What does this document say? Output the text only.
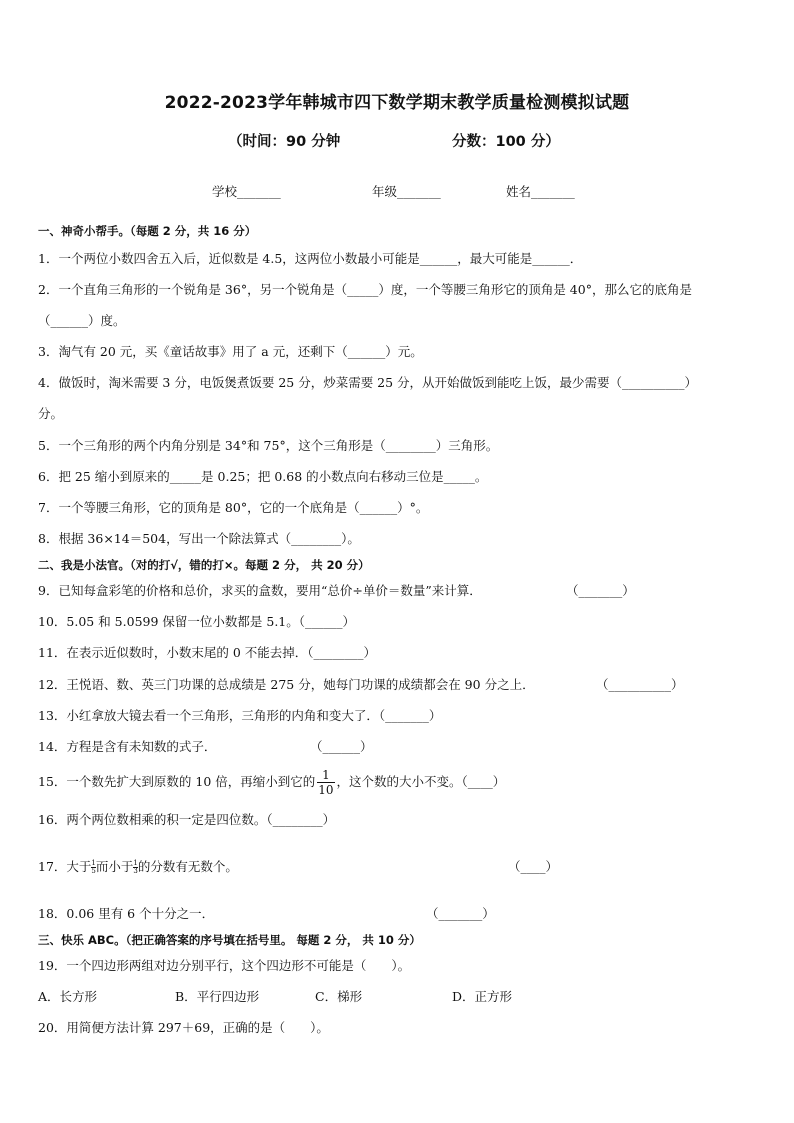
2022-2023学年韩城市四下数学期末教学质量检测模拟试题
（时间：90 分钟	分数：100 分）
学校_______	年级_______	姓名_______
一、神奇小帮手。（每题 2 分，共 16 分）
1．一个两位小数四舍五入后，近似数是 4.5，这两位小数最小可能是______，最大可能是______．
2．一个直角三角形的一个锐角是 36°，另一个锐角是（_____）度，一个等腰三角形它的顶角是 40°，那么它的底角是
（______）度。
3．淘气有 20 元，买《童话故事》用了 a 元，还剩下（______）元。
4．做饭时，淘米需要 3 分，电饭煲煮饭要 25 分，炒菜需要 25 分，从开始做饭到能吃上饭，最少需要（__________）
分。
5．一个三角形的两个内角分别是 34°和 75°，这个三角形是（________）三角形。
6．把 25 缩小到原来的_____是 0.25；把 0.68 的小数点向右移动三位是_____。
7．一个等腰三角形，它的顶角是 80°，它的一个底角是（______）°。
8．根据 36×14＝504，写出一个除法算式（________）。
二、我是小法官。（对的打√，错的打×。每题 2 分， 共 20 分）
9．已知每盒彩笔的价格和总价，求买的盒数，要用“总价÷单价＝数量”来计算．	（_______）
10．5.05 和 5.0599 保留一位小数都是 5.1。（______）
11．在表示近似数时，小数末尾的 0 不能去掉．（________）
12．王悦语、数、英三门功课的总成绩是 275 分，她每门功课的成绩都会在 90 分之上．	（__________）
13．小红拿放大镜去看一个三角形，三角形的内角和变大了．（_______）
14．方程是含有未知数的式子．	（______）
15．一个数先扩大到原数的 10 倍，再缩小到它的 $\frac{1}{10}$ ，这个数的大小不变。（____）
16．两个两位数相乘的积一定是四位数。（________）
17．大于 $\frac{1}{5}$ 而小于 $\frac{1}{3}$ 的分数有无数个。	（____）
18．0.06 里有 6 个十分之一．	（_______）
三、快乐 ABC。（把正确答案的序号填在括号里。 每题 2 分， 共 10 分）
19．一个四边形两组对边分别平行，这个四边形不可能是（　　）。
A．长方形	B．平行四边形	C．梯形	D．正方形
20．用简便方法计算 297＋69，正确的是（　　）。
